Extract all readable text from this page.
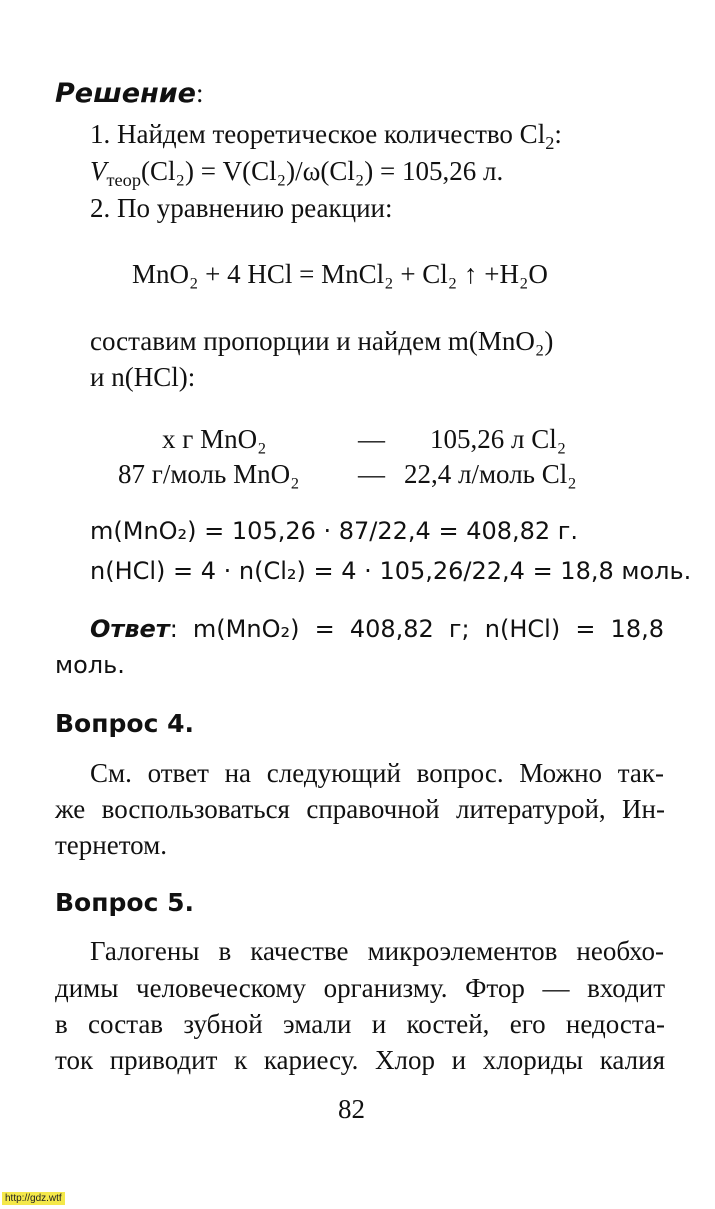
Решение:
1. Найдем теоретическое количество $Cl_2$:
$V_{теор}(Cl_2) = V(Cl_2)/\omega(Cl_2) = 105,26$ л.
2. По уравнению реакции:
MnO₂ + 4 HCl = MnCl₂ + Cl₂ ↑ +H₂O
составим пропорции и найдем m(MnO₂)
и n(HCl):
x г MnO₂	— 105,26 л Cl₂
87 г/моль MnO₂ — 22,4 л/моль Cl₂
m(MnO₂) = 105,26 · 87/22,4 = 408,82 г.
n(HCl) = 4 · n(Cl₂) = 4 · 105,26/22,4 = 18,8 моль.
Ответ: m(MnO₂) = 408,82 г; n(HCl) = 18,8
моль.
Вопрос 4.
См. ответ на следующий вопрос. Можно так-
же воспользоваться справочной литературой, Ин-
тернетом.
Вопрос 5.
Галогены в качестве микроэлементов необхо-
димы человеческому организму. Фтор — входит
в состав зубной эмали и костей, его недоста-
ток приводит к кариесу. Хлор и хлориды калия
82
http://gdz.wtf
